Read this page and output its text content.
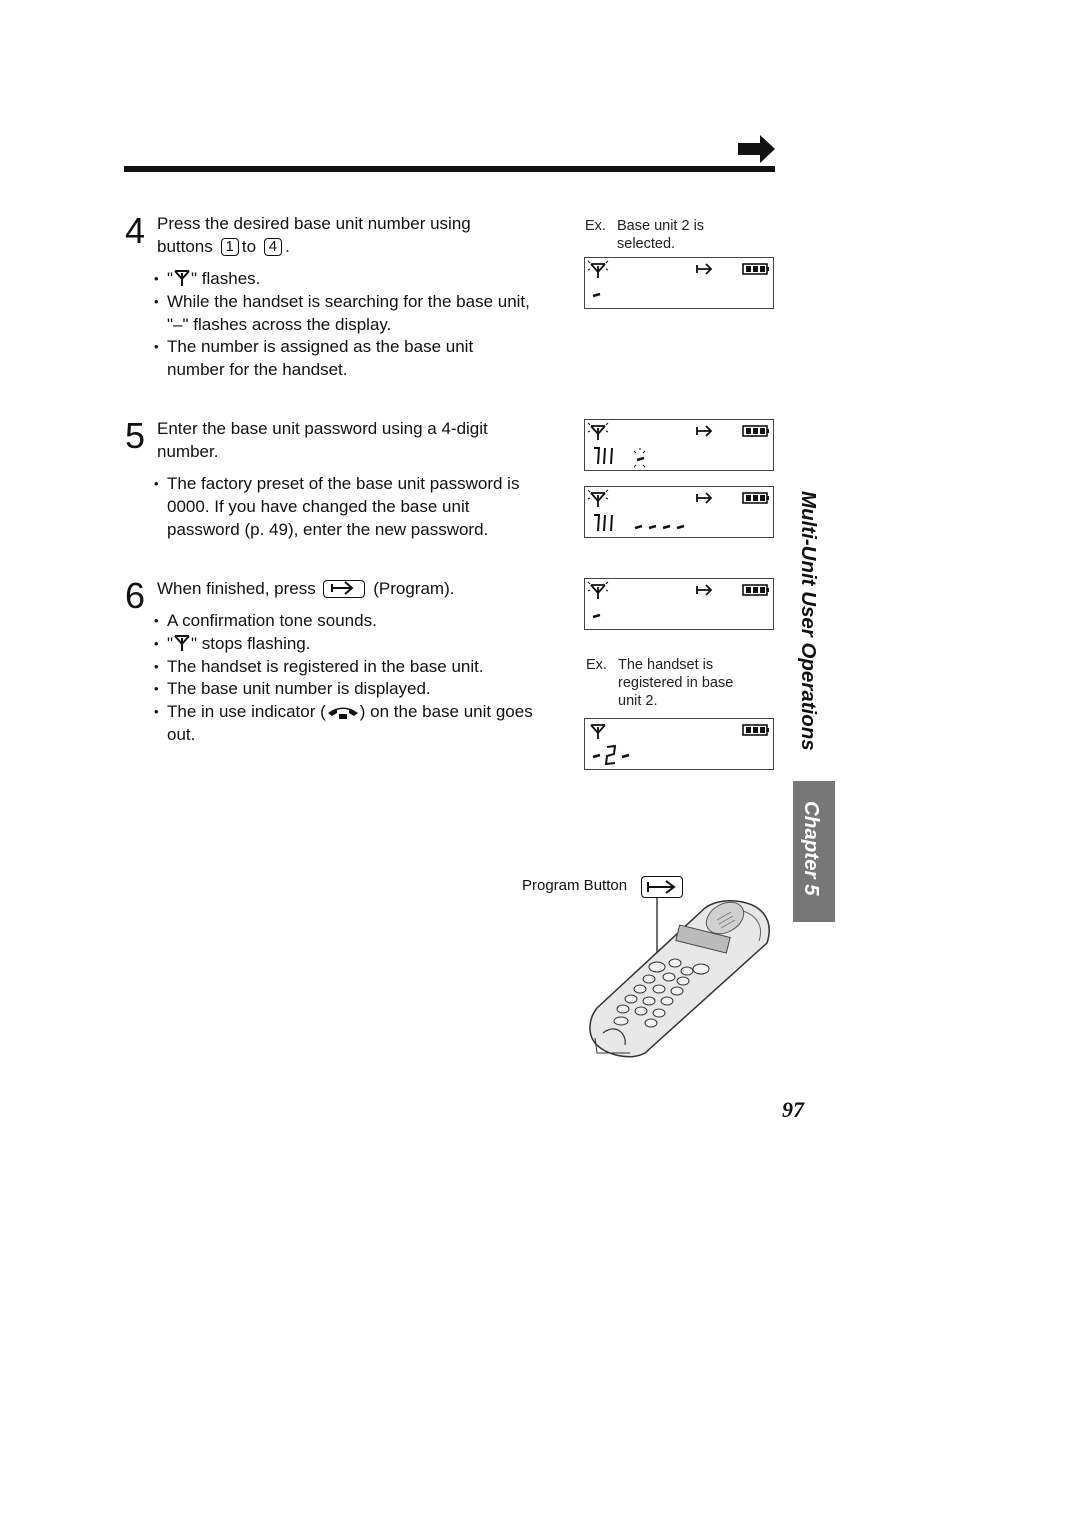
4 Press the desired base unit number using
buttons 1 to 4 .
• " " flashes.
• While the handset is searching for the base unit, "–" flashes across the display.
• The number is assigned as the base unit number for the handset.
5 Enter the base unit password using a 4-digit number.
• The factory preset of the base unit password is 0000. If you have changed the base unit password (p. 49), enter the new password.
6 When finished, press	(Program).
• A confirmation tone sounds.
• " " stops flashing.
• The handset is registered in the base unit.
• The base unit number is displayed.
• The in use indicator ( ) on the base unit goes out.
Ex. Base unit 2 is selected.
Ex. The handset is registered in base unit 2.
Program Button
Multi-Unit User Operations
Chapter 5
97
